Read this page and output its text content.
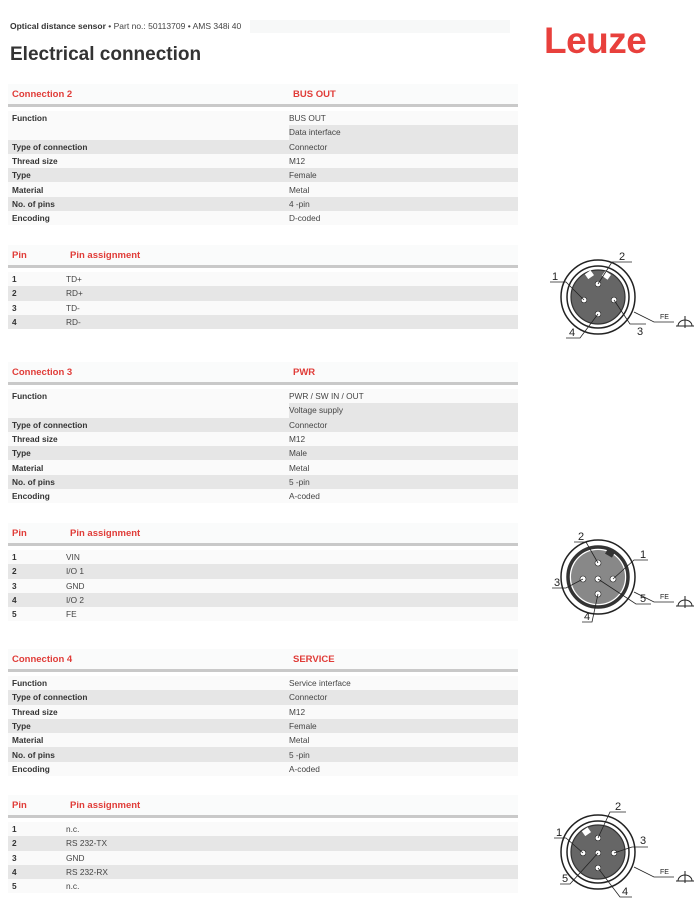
Optical distance sensor • Part no.: 50113709 • AMS 348i 40
Electrical connection	Leuze
Connection 2	BUS OUT
Function	BUS OUT
Data interface
Type of connection	Connector
Thread size	M12
Type	Female
Material	Metal
No. of pins	4 -pin
Encoding	D-coded
Pin	Pin assignment
1	TD+
2	RD+
3	TD-
4	RD-
2
1
3
4
FE
Connection 3	PWR
Function	PWR / SW IN / OUT
Voltage supply
Type of connection	Connector
Thread size	M12
Type	Male
Material	Metal
No. of pins	5 -pin
Encoding	A-coded
Pin	Pin assignment
1	VIN
2	I/O 1
3	GND
4	I/O 2
5	FE
2
1
3
5
4
FE
Connection 4	SERVICE
Function	Service interface
Type of connection	Connector
Thread size	M12
Type	Female
Material	Metal
No. of pins	5 -pin
Encoding	A-coded
Pin	Pin assignment
1	n.c.
2	RS 232-TX
3	GND
4	RS 232-RX
5	n.c.
2
1
3
5
4
FE
